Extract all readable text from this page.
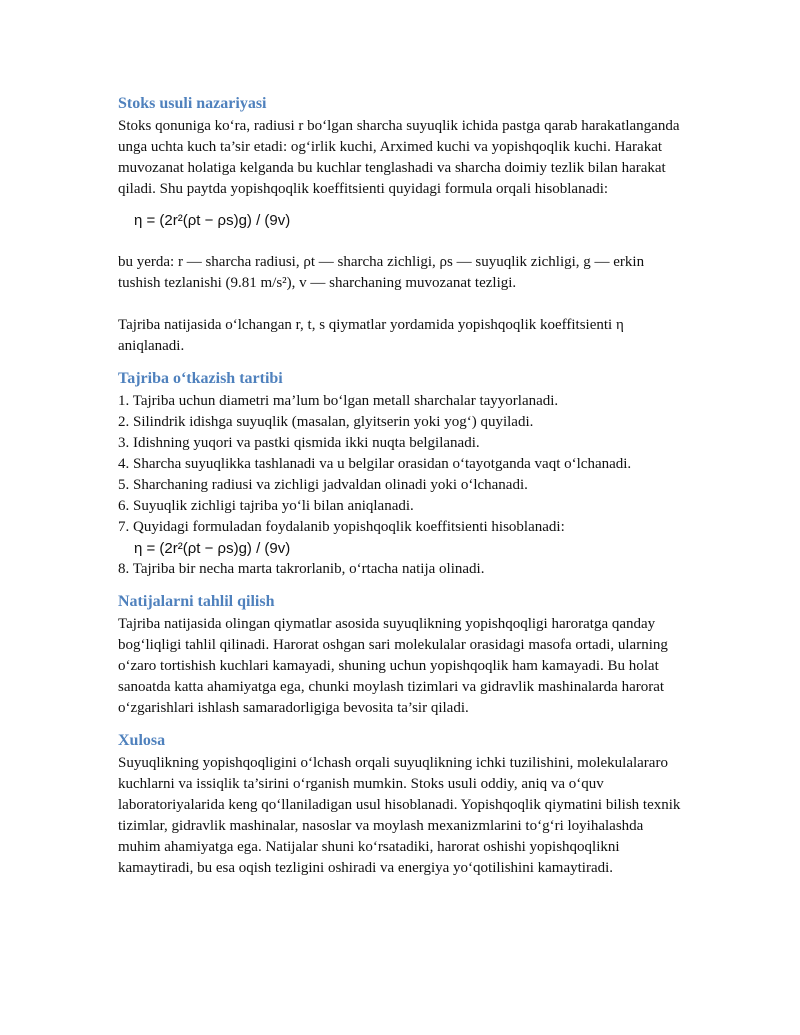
Stoks usuli nazariyasi

Stoks qonuniga ko‘ra, radiusi r bo‘lgan sharcha suyuqlik ichida pastga qarab harakatlanganda unga uchta kuch ta’sir etadi: og‘irlik kuchi, Arximed kuchi va yopishqoqlik kuchi. Harakat muvozanat holatiga kelganda bu kuchlar tenglashadi va sharcha doimiy tezlik bilan harakat qiladi. Shu paytda yopishqoqlik koeffitsienti quyidagi formula orqali hisoblanadi:

η = (2r²(ρt − ρs)g) / (9v)

bu yerda: r — sharcha radiusi, ρt — sharcha zichligi, ρs — suyuqlik zichligi, g — erkin tushish tezlanishi (9.81 m/s²), v — sharchaning muvozanat tezligi.

Tajriba natijasida o‘lchangan r, t, s qiymatlar yordamida yopishqoqlik koeffitsienti η aniqlanadi.

Tajriba o‘tkazish tartibi
1. Tajriba uchun diametri ma’lum bo‘lgan metall sharchalar tayyorlanadi.
2. Silindrik idishga suyuqlik (masalan, glyitserin yoki yog‘) quyiladi.
3. Idishning yuqori va pastki qismida ikki nuqta belgilanadi.
4. Sharcha suyuqlikka tashlanadi va u belgilar orasidan o‘tayotganda vaqt o‘lchanadi.
5. Sharchaning radiusi va zichligi jadvaldan olinadi yoki o‘lchanadi.
6. Suyuqlik zichligi tajriba yo‘li bilan aniqlanadi.
7. Quyidagi formuladan foydalanib yopishqoqlik koeffitsienti hisoblanadi:
η = (2r²(ρt − ρs)g) / (9v)
8. Tajriba bir necha marta takrorlanib, o‘rtacha natija olinadi.
Natijalarni tahlil qilish

Tajriba natijasida olingan qiymatlar asosida suyuqlikning yopishqoqligi haroratga qanday bog‘liqligi tahlil qilinadi. Harorat oshgan sari molekulalar orasidagi masofa ortadi, ularning o‘zaro tortishish kuchlari kamayadi, shuning uchun yopishqoqlik ham kamayadi. Bu holat sanoatda katta ahamiyatga ega, chunki moylash tizimlari va gidravlik mashinalarda harorat o‘zgarishlari ishlash samaradorligiga bevosita ta’sir qiladi.

Xulosa

Suyuqlikning yopishqoqligini o‘lchash orqali suyuqlikning ichki tuzilishini, molekulalararo kuchlarni va issiqlik ta’sirini o‘rganish mumkin. Stoks usuli oddiy, aniq va o‘quv laboratoriyalarida keng qo‘llaniladigan usul hisoblanadi. Yopishqoqlik qiymatini bilish texnik tizimlar, gidravlik mashinalar, nasoslar va moylash mexanizmlarini to‘g‘ri loyihalashda muhim ahamiyatga ega. Natijalar shuni ko‘rsatadiki, harorat oshishi yopishqoqlikni kamaytiradi, bu esa oqish tezligini oshiradi va energiya yo‘qotilishini kamaytiradi.
